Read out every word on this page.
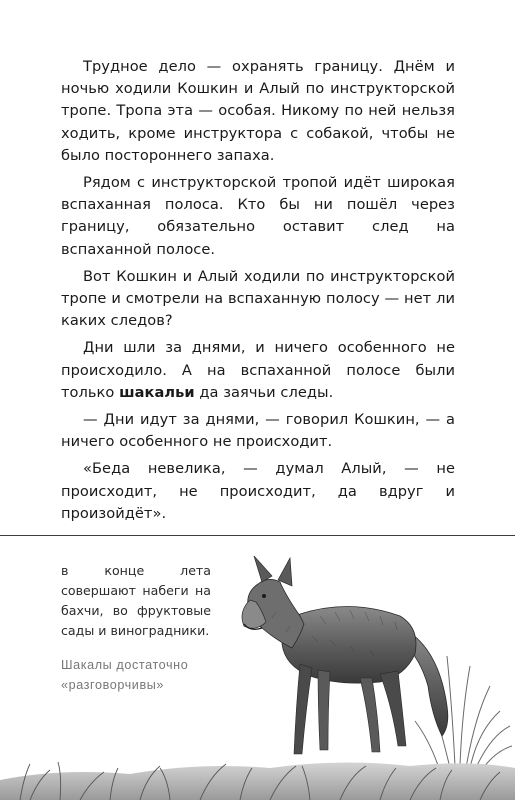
Трудное дело — охранять границу. Днём и ночью ходили Кошкин и Алый по инструкторской тропе. Тропа эта — особая. Никому по ней нельзя ходить, кроме инструктора с собакой, чтобы не было постороннего запаха.

Рядом с инструкторской тропой идёт широкая вспаханная полоса. Кто бы ни пошёл через границу, обязательно оставит след на вспаханной полосе.

Вот Кошкин и Алый ходили по инструкторской тропе и смотрели на вспаханную полосу — нет ли каких следов?

Дни шли за днями, и ничего особенного не происходило. А на вспаханной полосе были только шакальи да заячьи следы.

— Дни идут за днями, — говорил Кошкин, — а ничего особенного не происходит.

«Беда невелика, — думал Алый, — не происходит, не происходит, да вдруг и произойдёт».

в конце лета совершают набеги на бахчи, во фруктовые сады и виноградники.

Шакалы достаточно «разговорчивы»
